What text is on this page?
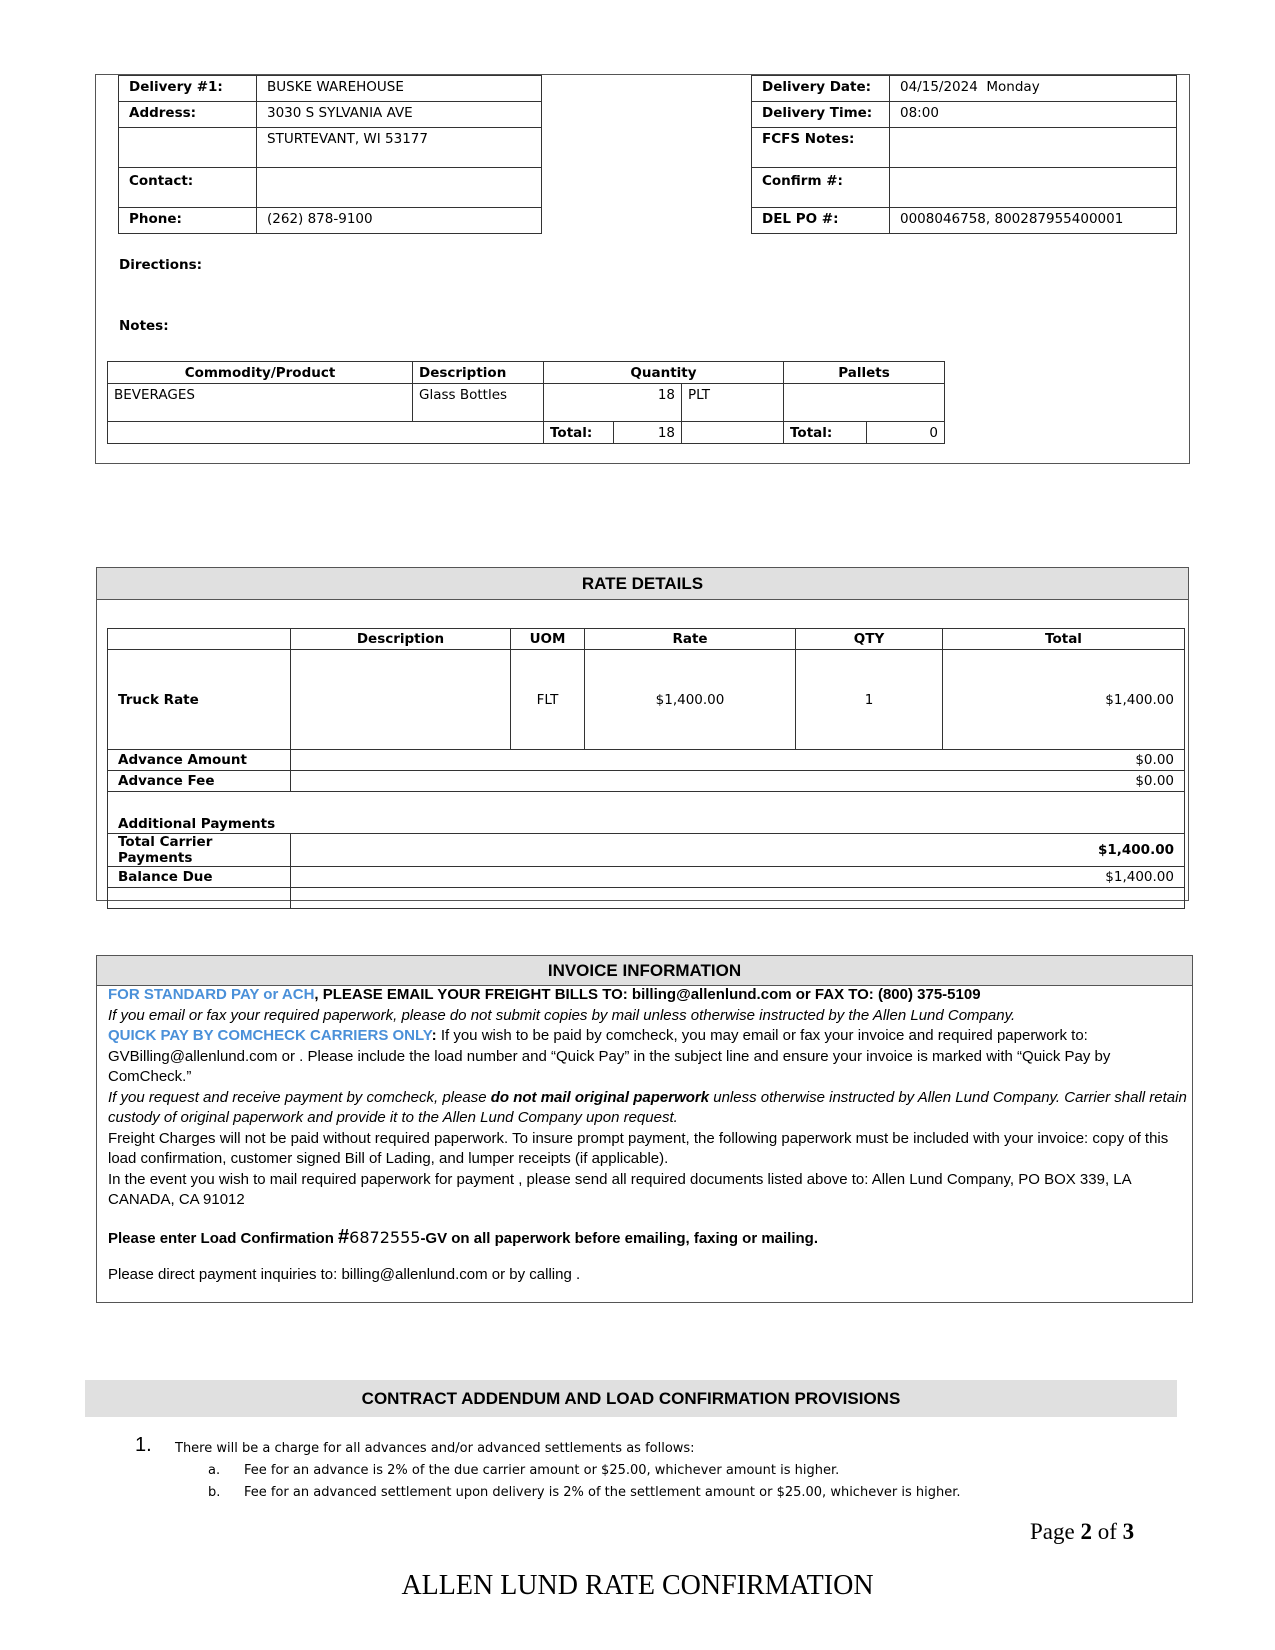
Delivery #1:	BUSKE WAREHOUSE
Address:	3030 S SYLVANIA AVE
	STURTEVANT, WI 53177
Contact:	
Phone:	(262) 878-9100
Delivery Date:	04/15/2024  Monday
Delivery Time:	08:00
FCFS Notes:	
Confirm #:	
DEL PO #:	0008046758, 800287955400001
Directions:
Notes:
Commodity/Product	Description	Quantity			Pallets	
BEVERAGES	Glass Bottles	18		PLT		
		Total:	18		Total:	0
RATE DETAILS
	Description	UOM	Rate	QTY	Total
Truck Rate		FLT	$1,400.00	1	$1,400.00
Advance Amount	$0.00				
Advance Fee	$0.00				
Additional Payments					
Total Carrier Payments	$1,400.00				
Balance Due	$1,400.00				

INVOICE INFORMATION

FOR STANDARD PAY or ACH, PLEASE EMAIL YOUR FREIGHT BILLS TO: billing@allenlund.com or FAX TO: (800) 375-5109

If you email or fax your required paperwork, please do not submit copies by mail unless otherwise instructed by the Allen Lund Company.

QUICK PAY BY COMCHECK CARRIERS ONLY: If you wish to be paid by comcheck, you may email or fax your invoice and required paperwork to: GVBilling@allenlund.com or . Please include the load number and “Quick Pay” in the subject line and ensure your invoice is marked with “Quick Pay by ComCheck.”

If you request and receive payment by comcheck, please do not mail original paperwork unless otherwise instructed by Allen Lund Company. Carrier shall retain custody of original paperwork and provide it to the Allen Lund Company upon request.

Freight Charges will not be paid without required paperwork. To insure prompt payment, the following paperwork must be included with your invoice: copy of this load confirmation, customer signed Bill of Lading, and lumper receipts (if applicable).

In the event you wish to mail required paperwork for payment , please send all required documents listed above to: Allen Lund Company, PO BOX 339, LA CANADA, CA 91012

Please enter Load Confirmation #6872555-GV on all paperwork before emailing, faxing or mailing.

Please direct payment inquiries to: billing@allenlund.com or by calling .

CONTRACT ADDENDUM AND LOAD CONFIRMATION PROVISIONS
1. There will be a charge for all advances and/or advanced settlements as follows:
a. Fee for an advance is 2% of the due carrier amount or $25.00, whichever amount is higher.
b. Fee for an advanced settlement upon delivery is 2% of the settlement amount or $25.00, whichever is higher.
Page 2 of 3
ALLEN LUND RATE CONFIRMATION
